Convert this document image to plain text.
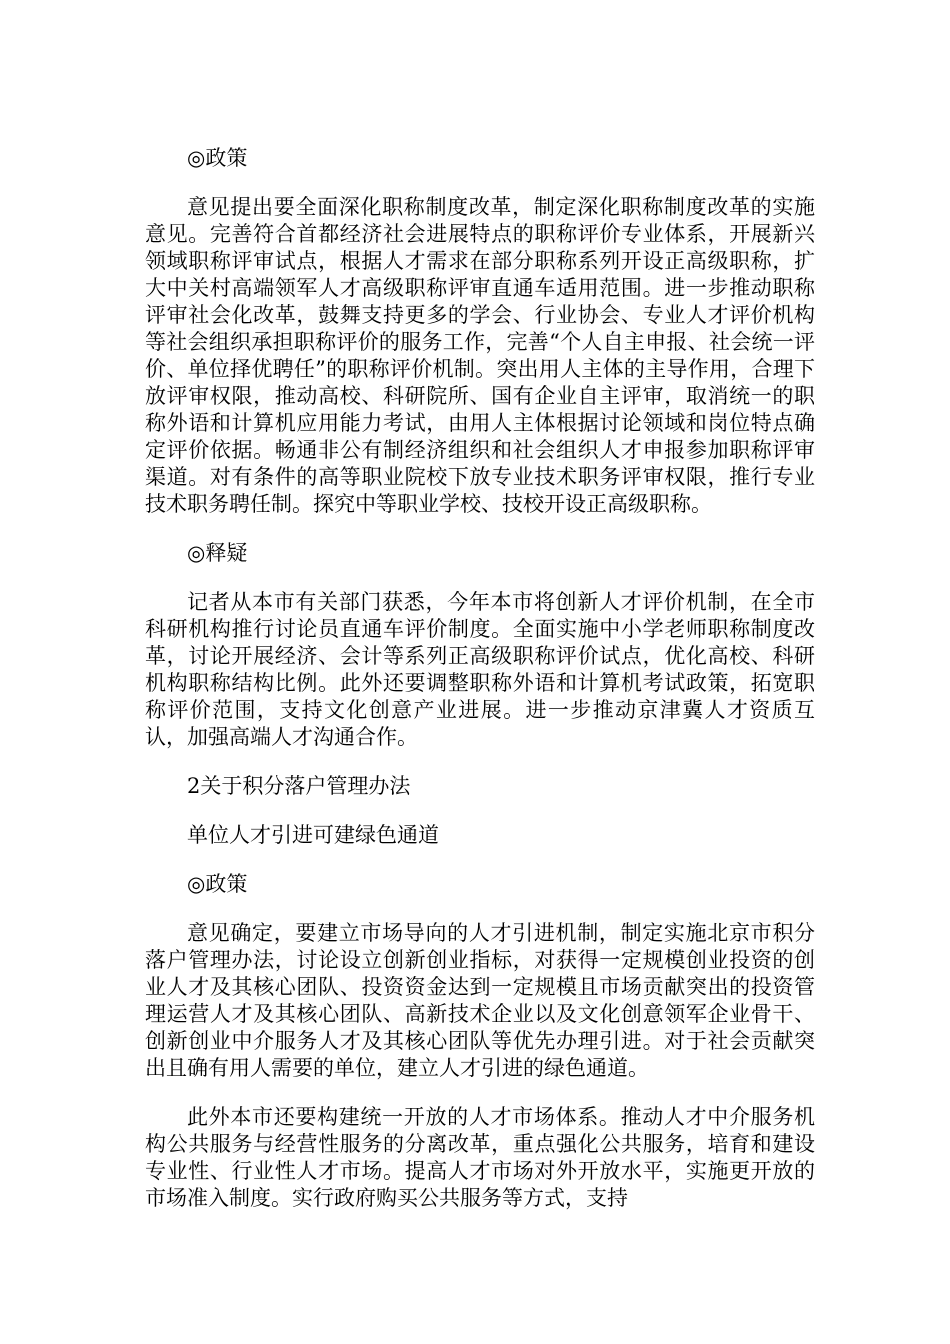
◎政策

意见提出要全面深化职称制度改革，制定深化职称制度改革的实施意见。完善符合首都经济社会进展特点的职称评价专业体系，开展新兴领域职称评审试点，根据人才需求在部分职称系列开设正高级职称，扩大中关村高端领军人才高级职称评审直通车适用范围。进一步推动职称评审社会化改革，鼓舞支持更多的学会、行业协会、专业人才评价机构等社会组织承担职称评价的服务工作，完善“个人自主申报、社会统一评价、单位择优聘任”的职称评价机制。突出用人主体的主导作用，合理下放评审权限，推动高校、科研院所、国有企业自主评审，取消统一的职称外语和计算机应用能力考试，由用人主体根据讨论领域和岗位特点确定评价依据。畅通非公有制经济组织和社会组织人才申报参加职称评审渠道。对有条件的高等职业院校下放专业技术职务评审权限，推行专业技术职务聘任制。探究中等职业学校、技校开设正高级职称。

◎释疑

记者从本市有关部门获悉，今年本市将创新人才评价机制，在全市科研机构推行讨论员直通车评价制度。全面实施中小学老师职称制度改革，讨论开展经济、会计等系列正高级职称评价试点，优化高校、科研机构职称结构比例。此外还要调整职称外语和计算机考试政策，拓宽职称评价范围，支持文化创意产业进展。进一步推动京津冀人才资质互认，加强高端人才沟通合作。

2关于积分落户管理办法

单位人才引进可建绿色通道

◎政策

意见确定，要建立市场导向的人才引进机制，制定实施北京市积分落户管理办法，讨论设立创新创业指标，对获得一定规模创业投资的创业人才及其核心团队、投资资金达到一定规模且市场贡献突出的投资管理运营人才及其核心团队、高新技术企业以及文化创意领军企业骨干、创新创业中介服务人才及其核心团队等优先办理引进。对于社会贡献突出且确有用人需要的单位，建立人才引进的绿色通道。

此外本市还要构建统一开放的人才市场体系。推动人才中介服务机构公共服务与经营性服务的分离改革，重点强化公共服务，培育和建设专业性、行业性人才市场。提高人才市场对外开放水平，实施更开放的市场准入制度。实行政府购买公共服务等方式，支持
